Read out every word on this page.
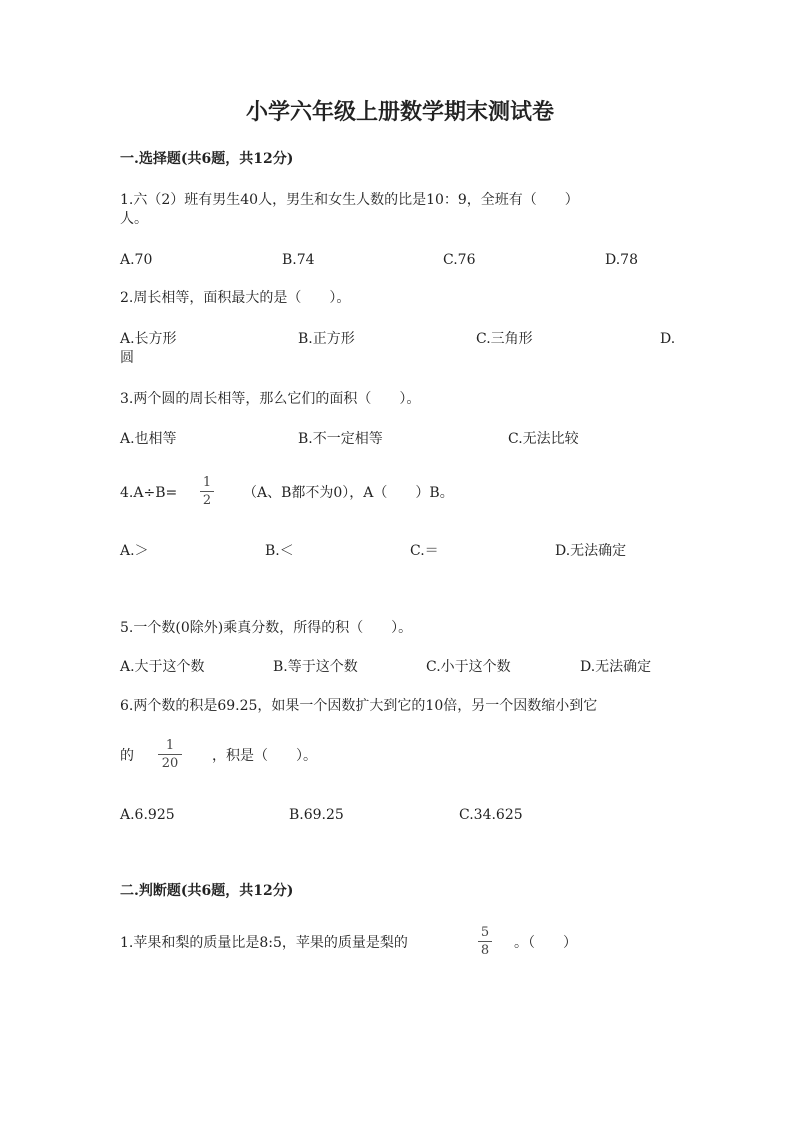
小学六年级上册数学期末测试卷
一.选择题(共6题，共12分)
1.六（2）班有男生40人，男生和女生人数的比是10：9，全班有（　　）
人。
A.70	B.74	C.76	D.78
2.周长相等，面积最大的是（　　）。
A.长方形	B.正方形	C.三角形	D.
圆
3.两个圆的周长相等，那么它们的面积（　　）。
A.也相等	B.不一定相等	C.无法比较
4.A÷B=
1
2 （A、B都不为0），A（　　）B。
A.＞	B.＜	C.＝	D.无法确定
5.一个数(0除外)乘真分数，所得的积（　　）。
A.大于这个数	B.等于这个数	C.小于这个数	D.无法确定
6.两个数的积是69.25，如果一个因数扩大到它的10倍，另一个因数缩小到它
的
1
20 ，积是（　　）。
A.6.925	B.69.25	C.34.625
二.判断题(共6题，共12分)
1.苹果和梨的质量比是8:5，苹果的质量是梨的
5
8 。（　　）
